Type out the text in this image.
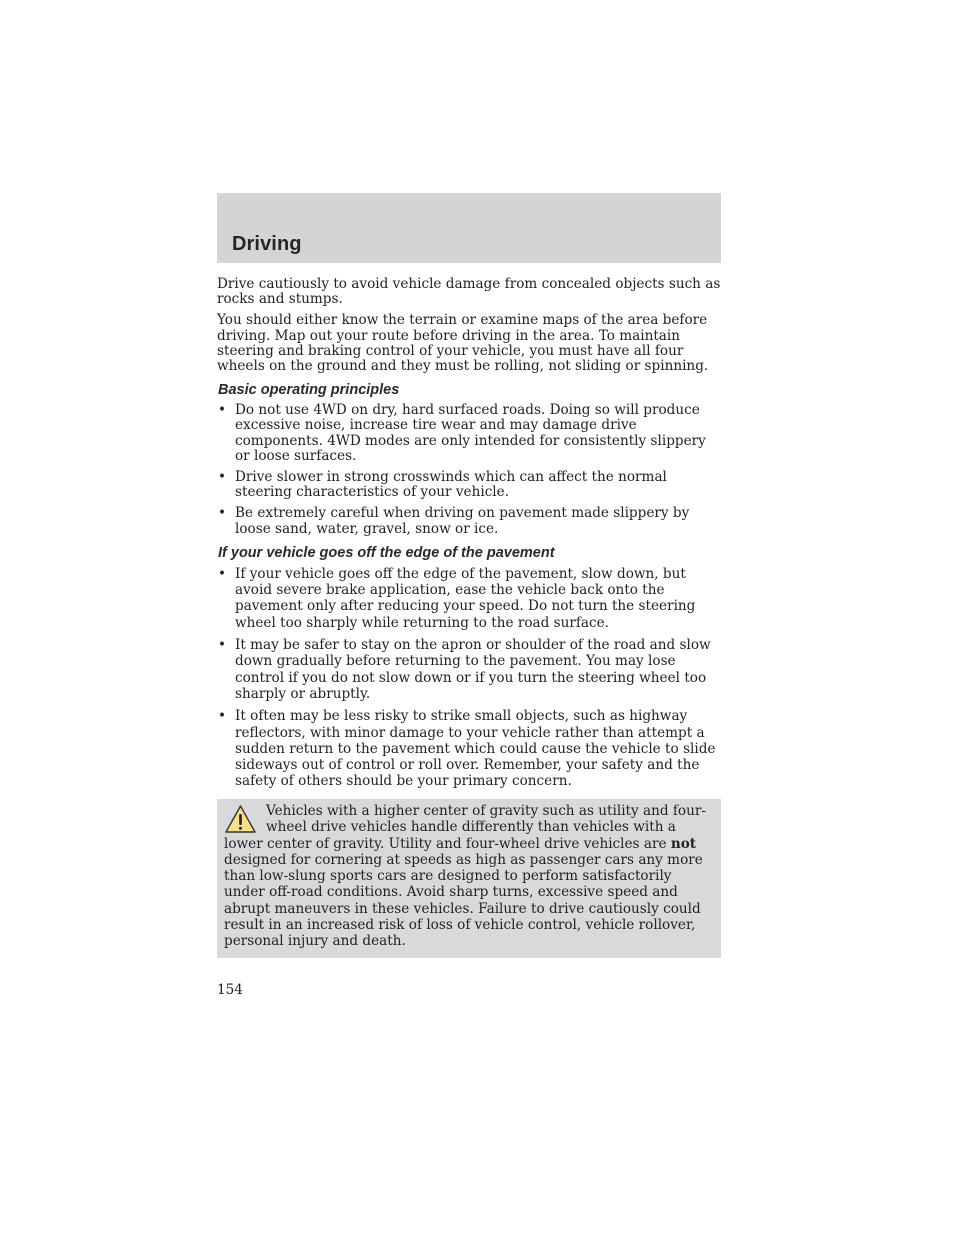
Driving

Drive cautiously to avoid vehicle damage from concealed objects such as rocks and stumps.

You should either know the terrain or examine maps of the area before driving. Map out your route before driving in the area. To maintain steering and braking control of your vehicle, you must have all four wheels on the ground and they must be rolling, not sliding or spinning.

Basic operating principles
• Do not use 4WD on dry, hard surfaced roads. Doing so will produce excessive noise, increase tire wear and may damage drive components. 4WD modes are only intended for consistently slippery or loose surfaces.
• Drive slower in strong crosswinds which can affect the normal steering characteristics of your vehicle.
• Be extremely careful when driving on pavement made slippery by loose sand, water, gravel, snow or ice.
If your vehicle goes off the edge of the pavement
• If your vehicle goes off the edge of the pavement, slow down, but avoid severe brake application, ease the vehicle back onto the pavement only after reducing your speed. Do not turn the steering wheel too sharply while returning to the road surface.
• It may be safer to stay on the apron or shoulder of the road and slow down gradually before returning to the pavement. You may lose control if you do not slow down or if you turn the steering wheel too sharply or abruptly.
• It often may be less risky to strike small objects, such as highway reflectors, with minor damage to your vehicle rather than attempt a sudden return to the pavement which could cause the vehicle to slide sideways out of control or roll over. Remember, your safety and the safety of others should be your primary concern.
Vehicles with a higher center of gravity such as utility and four-wheel drive vehicles handle differently than vehicles with a lower center of gravity. Utility and four-wheel drive vehicles are not designed for cornering at speeds as high as passenger cars any more than low-slung sports cars are designed to perform satisfactorily under off-road conditions. Avoid sharp turns, excessive speed and abrupt maneuvers in these vehicles. Failure to drive cautiously could result in an increased risk of loss of vehicle control, vehicle rollover, personal injury and death.
154
